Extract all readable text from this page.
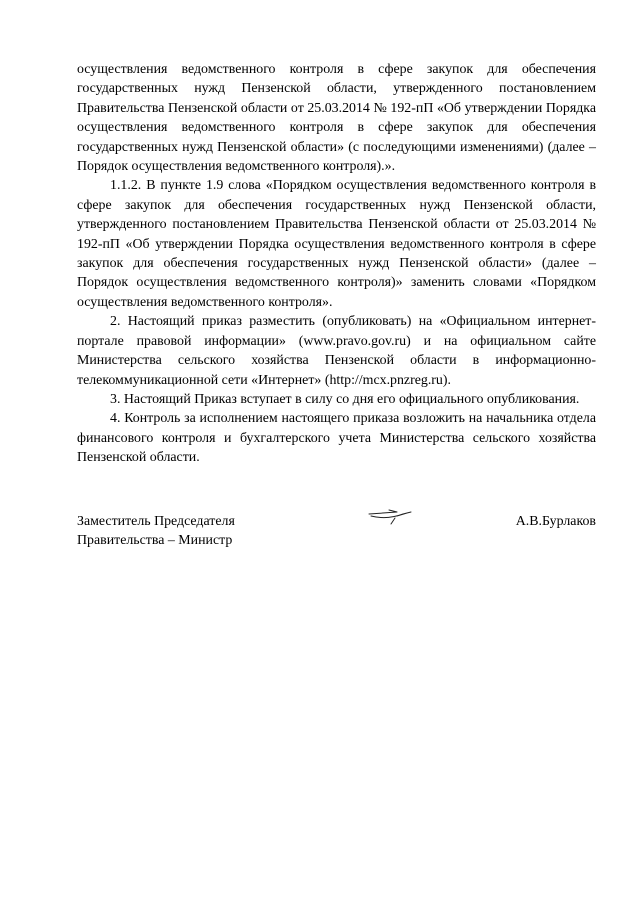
осуществления ведомственного контроля в сфере закупок для обеспечения государственных нужд Пензенской области, утвержденного постановлением Правительства Пензенской области от 25.03.2014 № 192-пП «Об утверждении Порядка осуществления ведомственного контроля в сфере закупок для обеспечения государственных нужд Пензенской области» (с последующими изменениями) (далее – Порядок осуществления ведомственного контроля).».

1.1.2. В пункте 1.9 слова «Порядком осуществления ведомственного контроля в сфере закупок для обеспечения государственных нужд Пензенской области, утвержденного постановлением Правительства Пензенской области от 25.03.2014 № 192-пП «Об утверждении Порядка осуществления ведомственного контроля в сфере закупок для обеспечения государственных нужд Пензенской области» (далее – Порядок осуществления ведомственного контроля)» заменить словами «Порядком осуществления ведомственного контроля».

2. Настоящий приказ разместить (опубликовать) на «Официальном интернет-портале правовой информации» (www.pravo.gov.ru) и на официальном сайте Министерства сельского хозяйства Пензенской области в информационно-телекоммуникационной сети «Интернет» (http://mcx.pnzreg.ru).

3. Настоящий Приказ вступает в силу со дня его официального опубликования.

4. Контроль за исполнением настоящего приказа возложить на начальника отдела финансового контроля и бухгалтерского учета Министерства сельского хозяйства Пензенской области.

Заместитель Председателя
Правительства – Министр
А.В.Бурлаков
